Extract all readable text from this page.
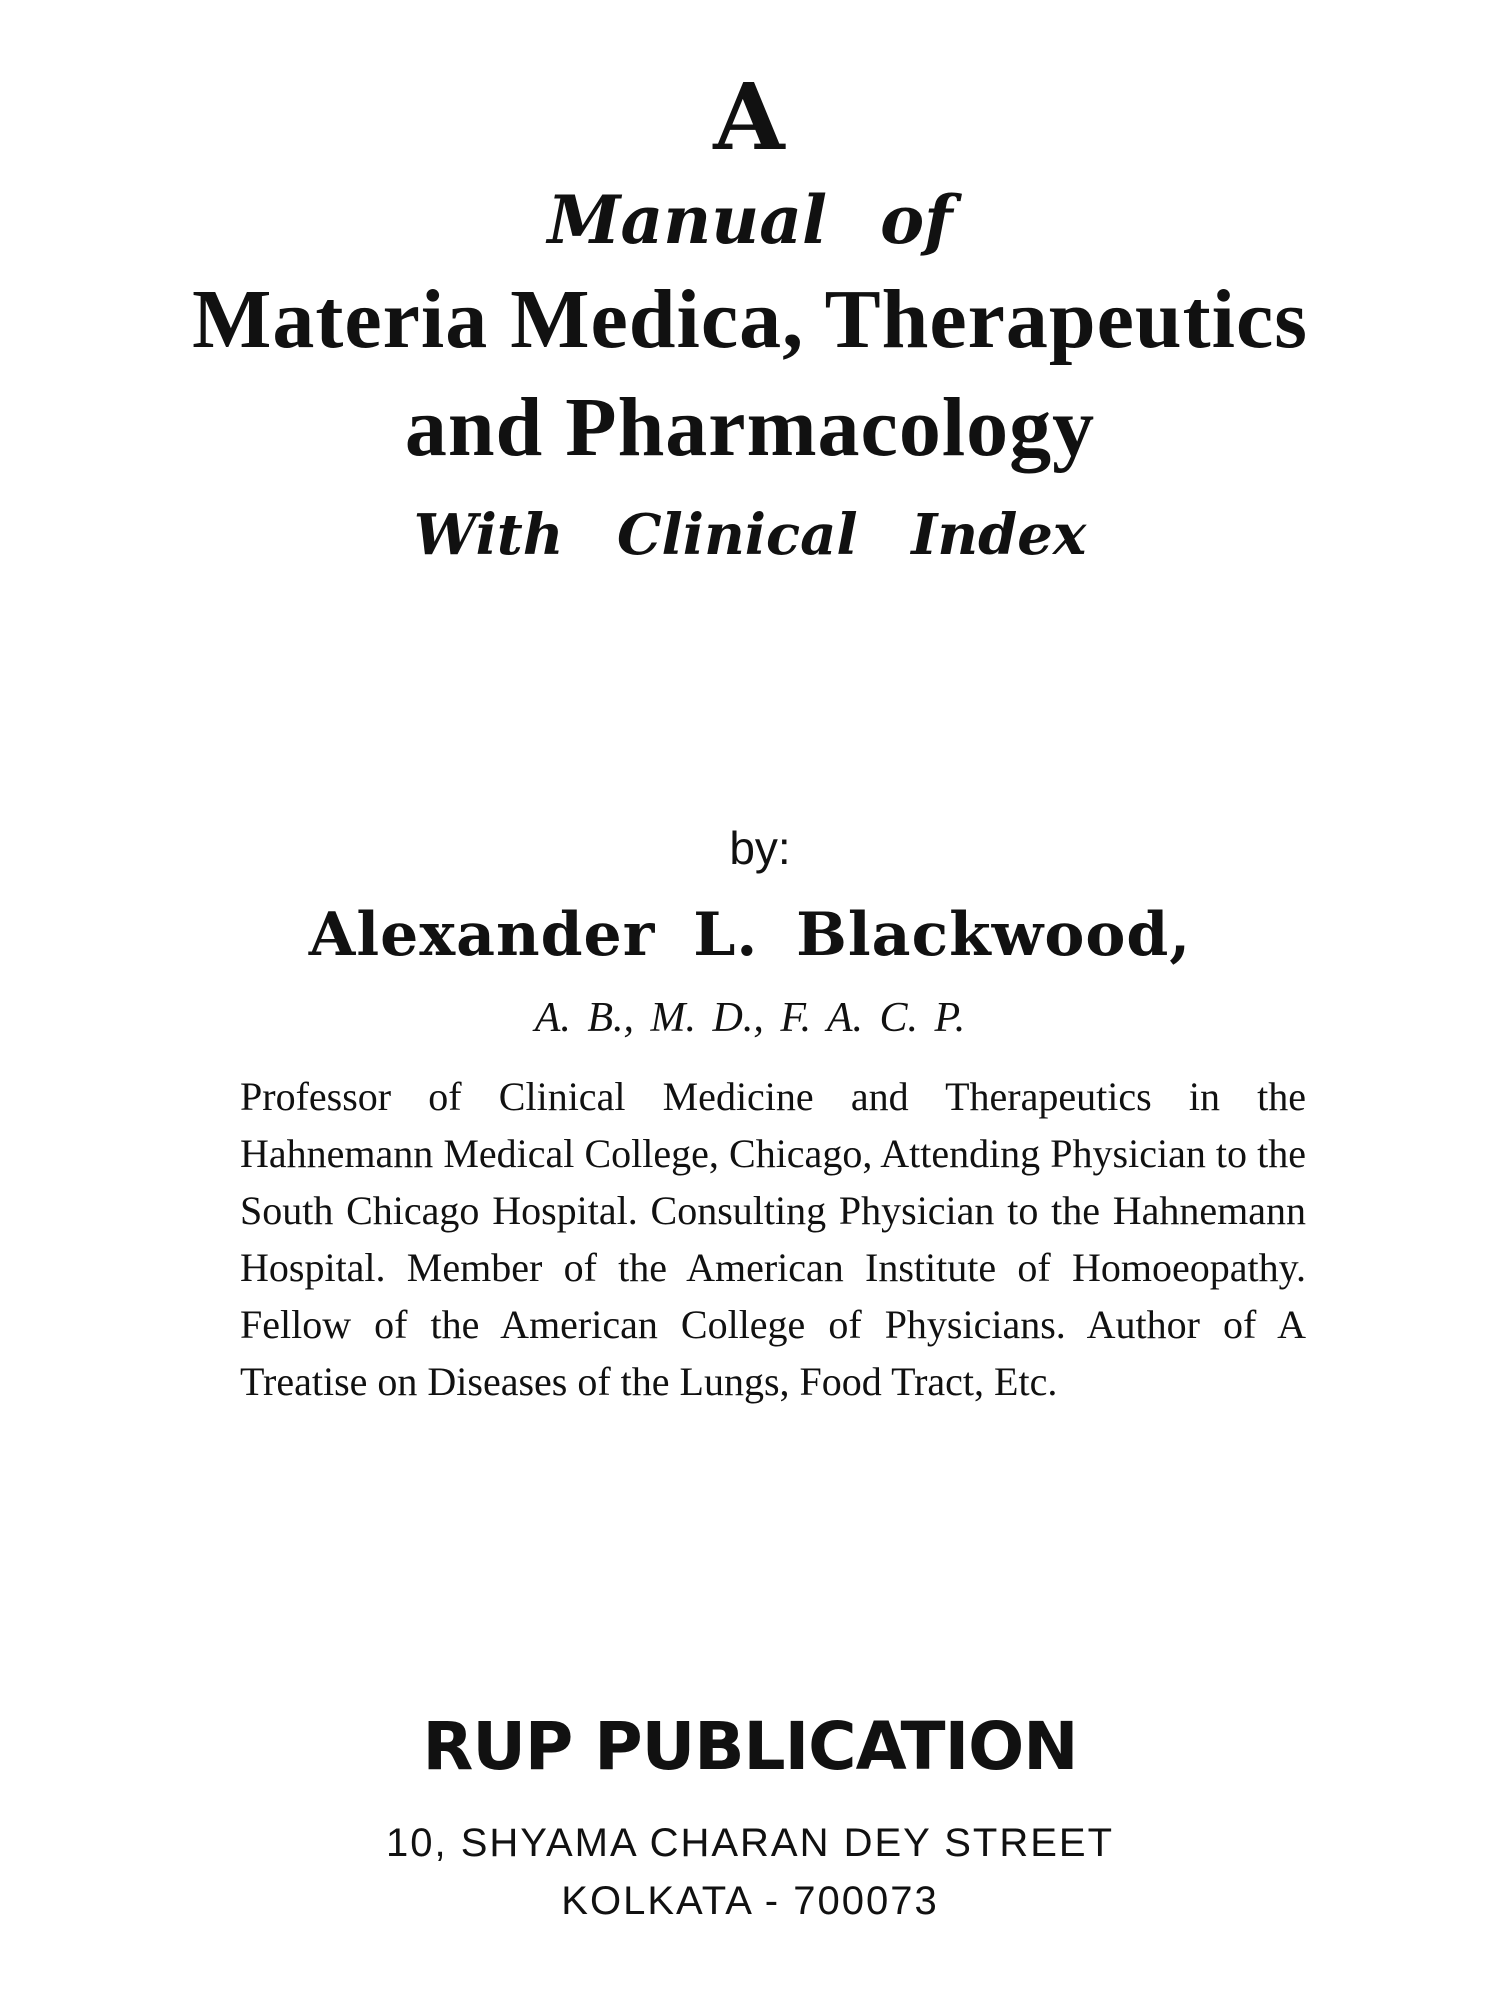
A
Manual of
Materia Medica, Therapeutics
and Pharmacology
With Clinical Index
by:
Alexander L. Blackwood,
A. B., M. D., F. A. C. P.
Professor of Clinical Medicine and Therapeutics in the Hahnemann Medical College, Chicago, Attending Physician to the South Chicago Hospital. Consulting Physician to the Hahnemann Hospital. Member of the American Institute of Homoeopathy. Fellow of the American College of Physicians. Author of A Treatise on Diseases of the Lungs, Food Tract, Etc.
RUP PUBLICATION
10, SHYAMA CHARAN DEY STREET
KOLKATA - 700073
